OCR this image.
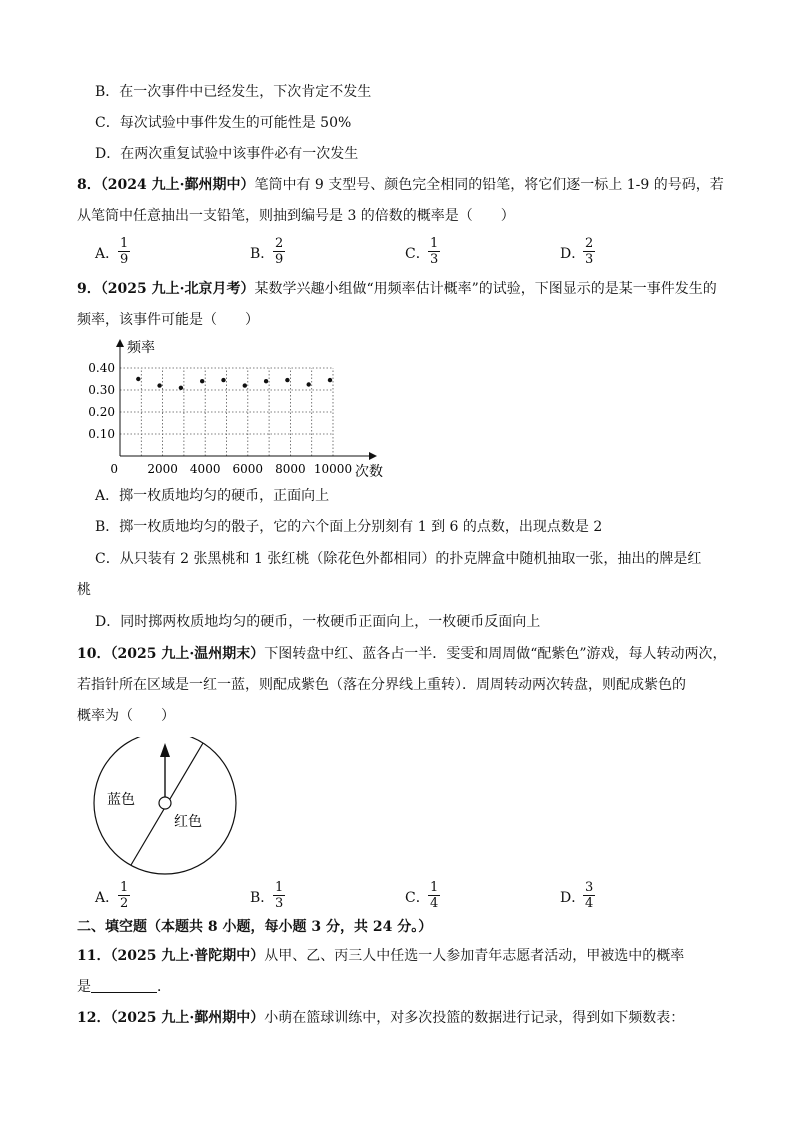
B．在一次事件中已经发生，下次肯定不发生
C．每次试验中事件发生的可能性是 50%
D．在两次重复试验中该事件必有一次发生
8．（2024 九上·鄞州期中）笔筒中有 9 支型号、颜色完全相同的铅笔，将它们逐一标上 1-9 的号码，若
从笔筒中任意抽出一支铅笔，则抽到编号是 3 的倍数的概率是（　　）
A．
$\frac{1}{9}$	B．
$\frac{2}{9}$	C．
$\frac{1}{3}$	D．
$\frac{2}{3}$
9．（2025 九上·北京月考）某数学兴趣小组做“用频率估计概率”的试验，下图显示的是某一事件发生的
频率，该事件可能是（　　）
频率
次数
0.10
0.20
0.30
0.40
0 2000 4000 6000 8000 10000
A．掷一枚质地均匀的硬币，正面向上
B．掷一枚质地均匀的骰子，它的六个面上分别刻有 1 到 6 的点数，出现点数是 2
C．从只装有 2 张黑桃和 1 张红桃（除花色外都相同）的扑克牌盒中随机抽取一张，抽出的牌是红
桃
D．同时掷两枚质地均匀的硬币，一枚硬币正面向上，一枚硬币反面向上
10．（2025 九上·温州期末）下图转盘中红、蓝各占一半．雯雯和周周做“配紫色”游戏，每人转动两次，
若指针所在区域是一红一蓝，则配成紫色（落在分界线上重转）．周周转动两次转盘，则配成紫色的
概率为（　　）
蓝色
红色
A．
$\frac{1}{2}$	B．
$\frac{1}{3}$	C．
$\frac{1}{4}$	D．
$\frac{3}{4}$
二、填空题（本题共 8 小题，每小题 3 分，共 24 分。）
11．（2025 九上·普陀期中）从甲、乙、丙三人中任选一人参加青年志愿者活动，甲被选中的概率
是	．
12．（2025 九上·鄞州期中）小萌在篮球训练中，对多次投篮的数据进行记录，得到如下频数表：
